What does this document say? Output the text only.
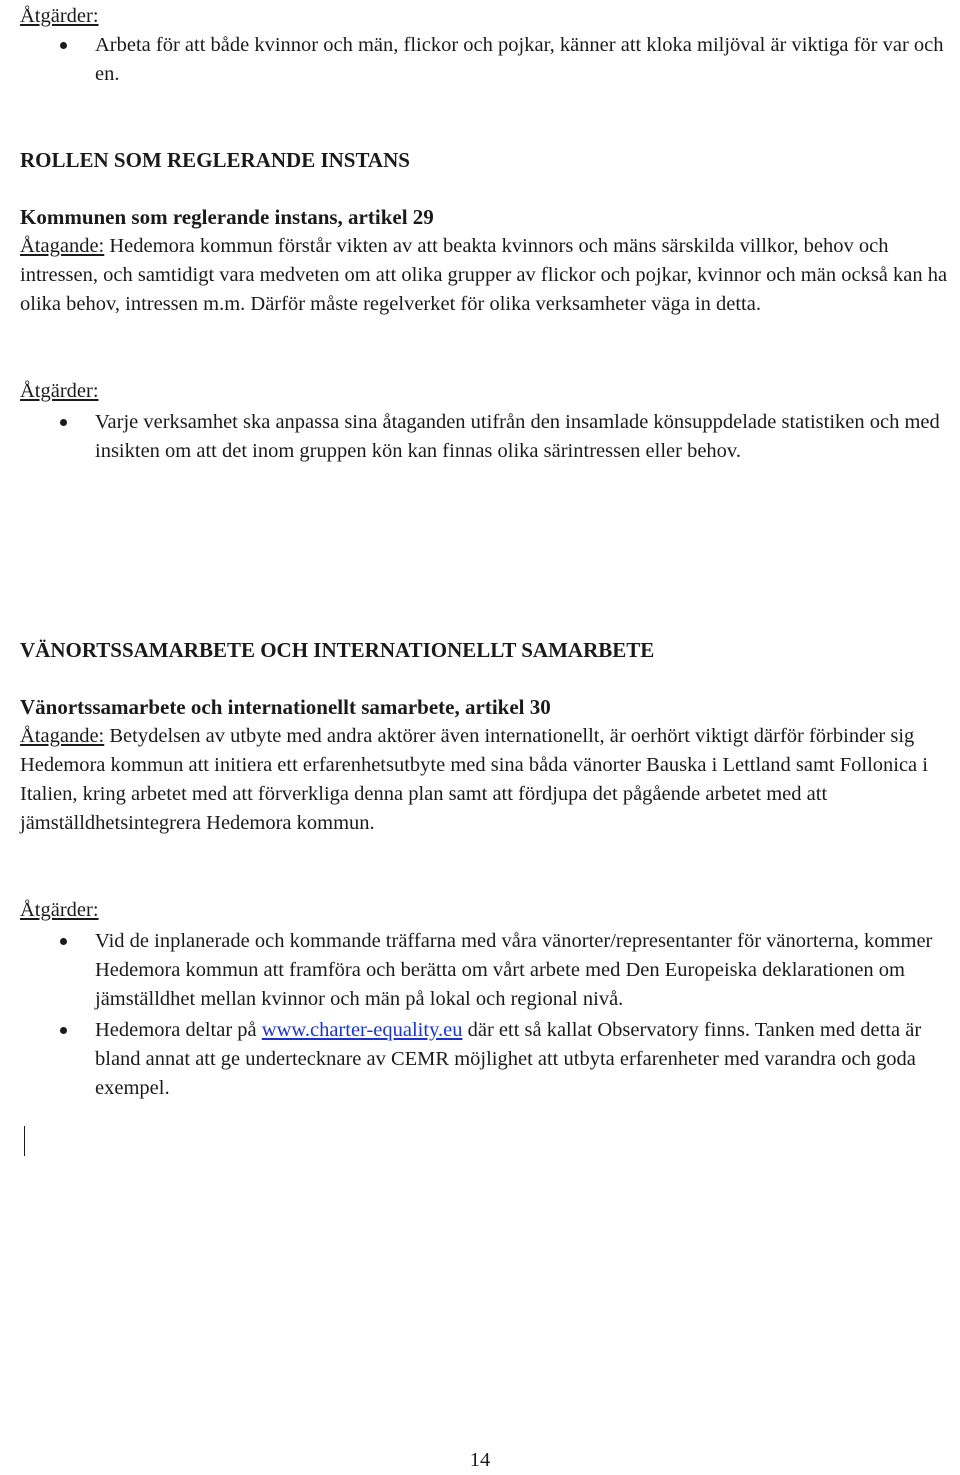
Åtgärder:

Arbeta för att både kvinnor och män, flickor och pojkar, känner att kloka miljöval är viktiga för var och en.

ROLLEN SOM REGLERANDE INSTANS

Kommunen som reglerande instans, artikel 29

Åtagande: Hedemora kommun förstår vikten av att beakta kvinnors och mäns särskilda villkor, behov och intressen, och samtidigt vara medveten om att olika grupper av flickor och pojkar, kvinnor och män också kan ha olika behov, intressen m.m. Därför måste regelverket för olika verksamheter väga in detta.

Åtgärder:

Varje verksamhet ska anpassa sina åtaganden utifrån den insamlade könsuppdelade statistiken och med insikten om att det inom gruppen kön kan finnas olika särintressen eller behov.

VÄNORTSSAMARBETE OCH INTERNATIONELLT SAMARBETE

Vänortssamarbete och internationellt samarbete, artikel 30

Åtagande: Betydelsen av utbyte med andra aktörer även internationellt, är oerhört viktigt därför förbinder sig Hedemora kommun att initiera ett erfarenhetsutbyte med sina båda vänorter Bauska i Lettland samt Follonica i Italien, kring arbetet med att förverkliga denna plan samt att fördjupa det pågående arbetet med att jämställdhetsintegrera Hedemora kommun.

Åtgärder:

Vid de inplanerade och kommande träffarna med våra vänorter/representanter för vänorterna, kommer Hedemora kommun att framföra och berätta om vårt arbete med Den Europeiska deklarationen om jämställdhet mellan kvinnor och män på lokal och regional nivå.
Hedemora deltar på www.charter-equality.eu där ett så kallat Observatory finns. Tanken med detta är bland annat att ge undertecknare av CEMR möjlighet att utbyta erfarenheter med varandra och goda exempel.
14
